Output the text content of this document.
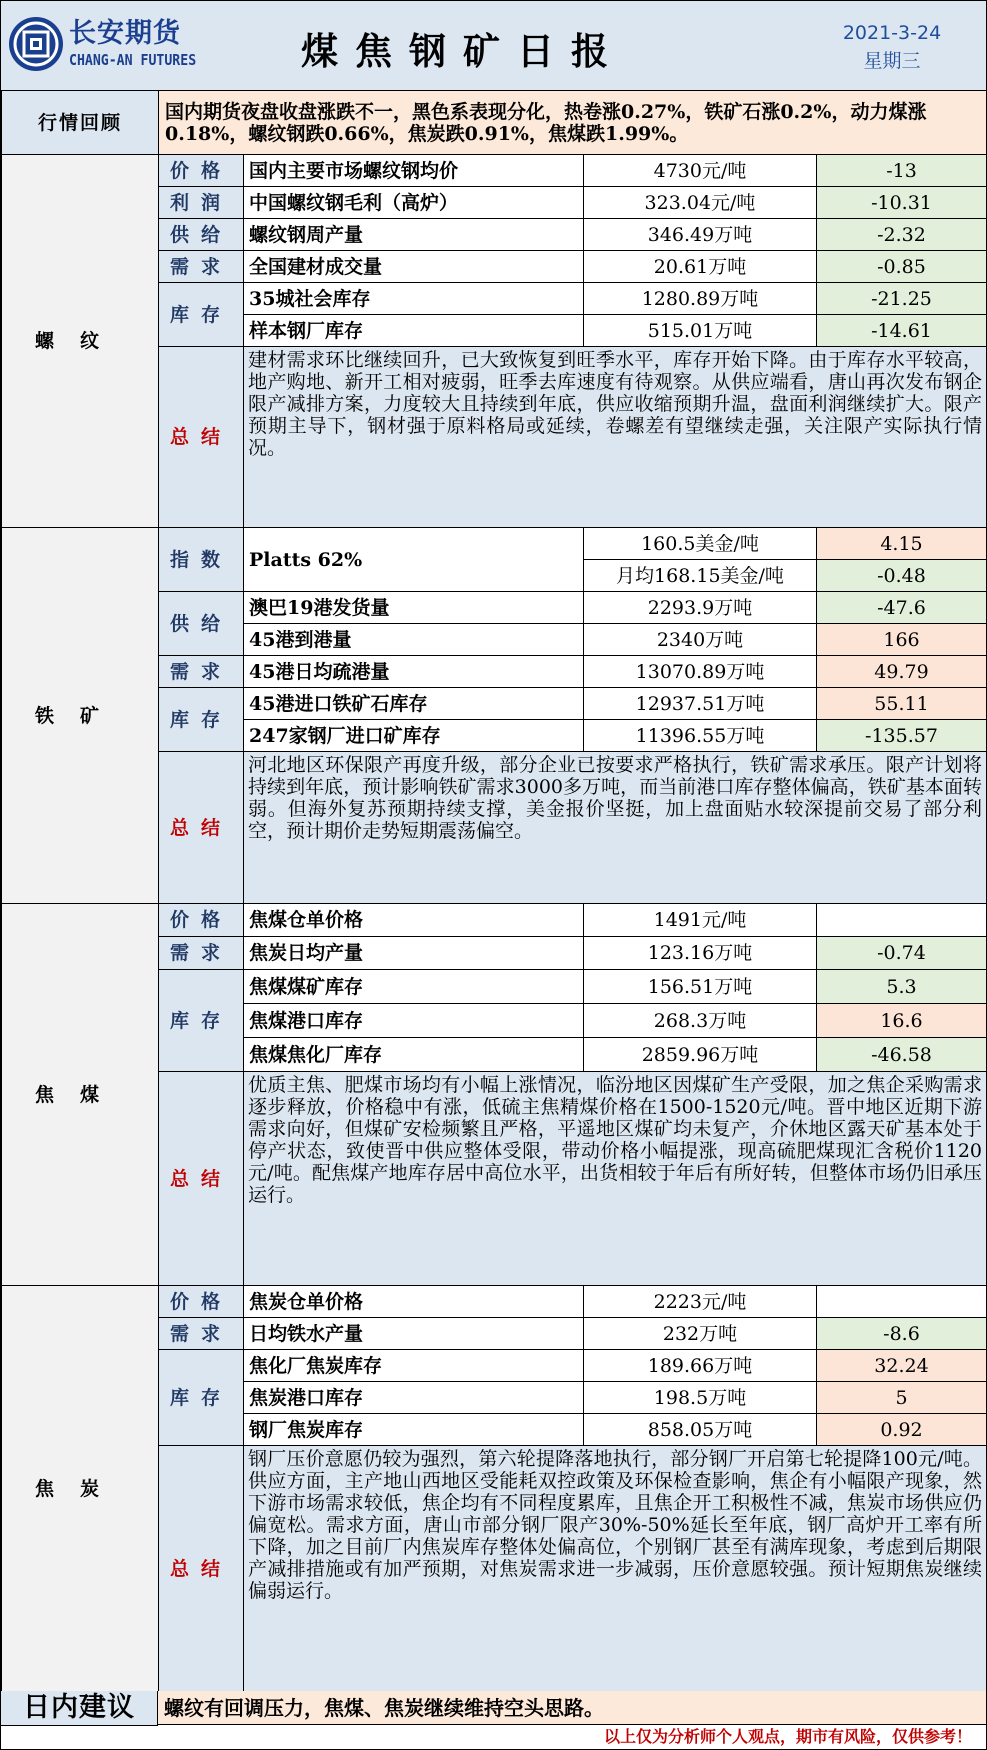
长安期货
CHANG-AN FUTURES	煤焦钢矿日报	2021-3-24
星期三
行情回顾	国内期货夜盘收盘涨跌不一，黑色系表现分化，热卷涨0.27%，铁矿石涨0.2%，动力煤涨0.18%，螺纹钢跌0.66%，焦炭跌0.91%，焦煤跌1.99%。
螺纹	价格	国内主要市场螺纹钢均价	4730元/吨	-13
	利润	中国螺纹钢毛利（高炉）	323.04元/吨	-10.31
	供给	螺纹钢周产量	346.49万吨	-2.32
	需求	全国建材成交量	20.61万吨	-0.85
	库存	35城社会库存	1280.89万吨	-21.25
		样本钢厂库存	515.01万吨	-14.61
	总结	建材需求环比继续回升，已大致恢复到旺季水平，库存开始下降。由于库存水平较高，地产购地、新开工相对疲弱，旺季去库速度有待观察。从供应端看，唐山再次发布钢企限产减排方案，力度较大且持续到年底，供应收缩预期升温，盘面利润继续扩大。限产预期主导下，钢材强于原料格局或延续，卷螺差有望继续走强，关注限产实际执行情况。		
铁矿	指数	Platts 62%	160.5美金/吨	4.15
			月均168.15美金/吨	-0.48
	供给	澳巴19港发货量	2293.9万吨	-47.6
		45港到港量	2340万吨	166
	需求	45港日均疏港量	13070.89万吨	49.79
	库存	45港进口铁矿石库存	12937.51万吨	55.11
		247家钢厂进口矿库存	11396.55万吨	-135.57
	总结	河北地区环保限产再度升级，部分企业已按要求严格执行，铁矿需求承压。限产计划将持续到年底，预计影响铁矿需求3000多万吨，而当前港口库存整体偏高，铁矿基本面转弱。但海外复苏预期持续支撑，美金报价坚挺，加上盘面贴水较深提前交易了部分利空，预计期价走势短期震荡偏空。		
焦煤	价格	焦煤仓单价格	1491元/吨	
	需求	焦炭日均产量	123.16万吨	-0.74
	库存	焦煤煤矿库存	156.51万吨	5.3
		焦煤港口库存	268.3万吨	16.6
		焦煤焦化厂库存	2859.96万吨	-46.58
	总结	优质主焦、肥煤市场均有小幅上涨情况，临汾地区因煤矿生产受限，加之焦企采购需求逐步释放，价格稳中有涨，低硫主焦精煤价格在1500-1520元/吨。晋中地区近期下游需求向好，但煤矿安检频繁且严格，平遥地区煤矿均未复产，介休地区露天矿基本处于停产状态，致使晋中供应整体受限，带动价格小幅提涨，现高硫肥煤现汇含税价1120元/吨。配焦煤产地库存居中高位水平，出货相较于年后有所好转，但整体市场仍旧承压运行。		
焦炭	价格	焦炭仓单价格	2223元/吨	
	需求	日均铁水产量	232万吨	-8.6
	库存	焦化厂焦炭库存	189.66万吨	32.24
		焦炭港口库存	198.5万吨	5
		钢厂焦炭库存	858.05万吨	0.92
	总结	钢厂压价意愿仍较为强烈，第六轮提降落地执行，部分钢厂开启第七轮提降100元/吨。供应方面，主产地山西地区受能耗双控政策及环保检查影响，焦企有小幅限产现象，然下游市场需求较低，焦企均有不同程度累库，且焦企开工积极性不减，焦炭市场供应仍偏宽松。需求方面，唐山市部分钢厂限产30%-50%延长至年底，钢厂高炉开工率有所下降，加之目前厂内焦炭库存整体处偏高位，个别钢厂甚至有满库现象，考虑到后期限产减排措施或有加严预期，对焦炭需求进一步减弱，压价意愿较强。预计短期焦炭继续偏弱运行。		
日内建议	螺纹有回调压力，焦煤、焦炭继续维持空头思路。
以上仅为分析师个人观点，期市有风险，仅供参考！
